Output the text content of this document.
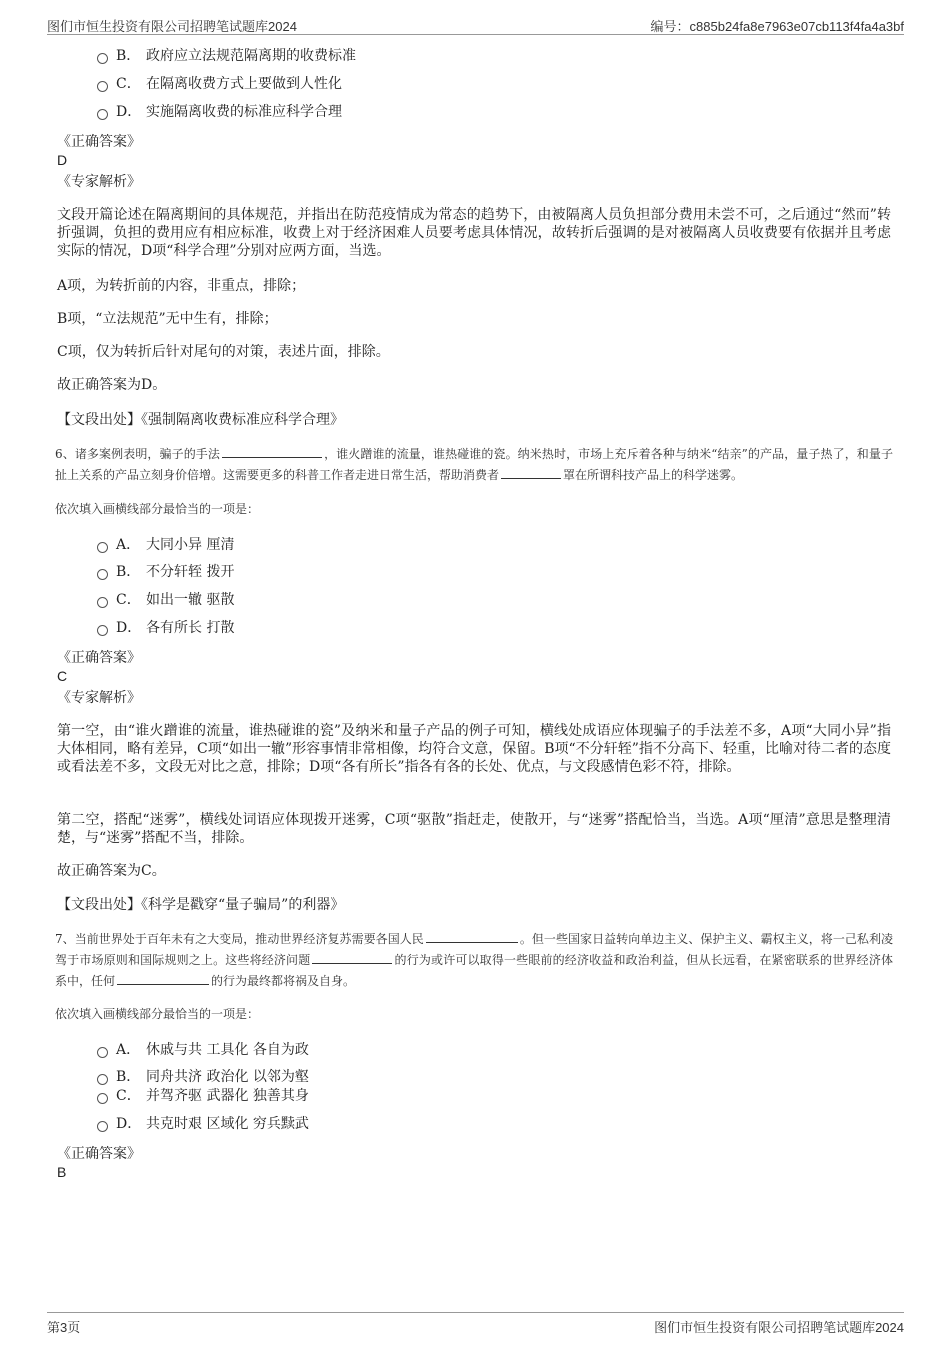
图们市恒生投资有限公司招聘笔试题库2024	编号：c885b24fa8e7963e07cb113f4fa4a3bf
B． 政府应立法规范隔离期的收费标准
C． 在隔离收费方式上要做到人性化
D． 实施隔离收费的标准应科学合理
《正确答案》
D
《专家解析》
文段开篇论述在隔离期间的具体规范，并指出在防范疫情成为常态的趋势下，由被隔离人员负担部分费用未尝不可，之后通过“然而”转折强调，负担的费用应有相应标准，收费上对于经济困难人员要考虑具体情况，故转折后强调的是对被隔离人员收费要有依据并且考虑实际的情况，D项“科学合理”分别对应两方面，当选。
A项，为转折前的内容，非重点，排除；
B项，“立法规范”无中生有，排除；
C项，仅为转折后针对尾句的对策，表述片面，排除。
故正确答案为D。
【文段出处】《强制隔离收费标准应科学合理》
6、诸多案例表明，骗子的手法	，谁火蹭谁的流量，谁热碰谁的瓷。纳米热时，市场上充斥着各种与纳米“结亲”的产品，量子热了，和量子扯上关系的产品立刻身价倍增。这需要更多的科普工作者走进日常生活，帮助消费者	罩在所谓科技产品上的科学迷雾。
依次填入画横线部分最恰当的一项是：
A． 大同小异 厘清
B． 不分轩轾 拨开
C． 如出一辙 驱散
D． 各有所长 打散
《正确答案》
C
《专家解析》
第一空，由“谁火蹭谁的流量，谁热碰谁的瓷”及纳米和量子产品的例子可知，横线处成语应体现骗子的手法差不多，A项“大同小异”指大体相同，略有差异，C项“如出一辙”形容事情非常相像，均符合文意，保留。B项“不分轩轾”指不分高下、轻重，比喻对待二者的态度或看法差不多，文段无对比之意，排除；D项“各有所长”指各有各的长处、优点，与文段感情色彩不符，排除。
第二空，搭配“迷雾”，横线处词语应体现拨开迷雾，C项“驱散”指赶走，使散开，与“迷雾”搭配恰当，当选。A项“厘清”意思是整理清楚，与“迷雾”搭配不当，排除。
故正确答案为C。
【文段出处】《科学是戳穿“量子骗局”的利器》
7、当前世界处于百年未有之大变局，推动世界经济复苏需要各国人民	。但一些国家日益转向单边主义、保护主义、霸权主义，将一己私利凌驾于市场原则和国际规则之上。这些将经济问题	的行为或许可以取得一些眼前的经济收益和政治利益，但从长远看，在紧密联系的世界经济体系中，任何	的行为最终都将祸及自身。
依次填入画横线部分最恰当的一项是：
A． 休戚与共 工具化 各自为政
B． 同舟共济 政治化 以邻为壑
C． 并驾齐驱 武器化 独善其身
D． 共克时艰 区域化 穷兵黩武
《正确答案》
B
第3页	图们市恒生投资有限公司招聘笔试题库2024
